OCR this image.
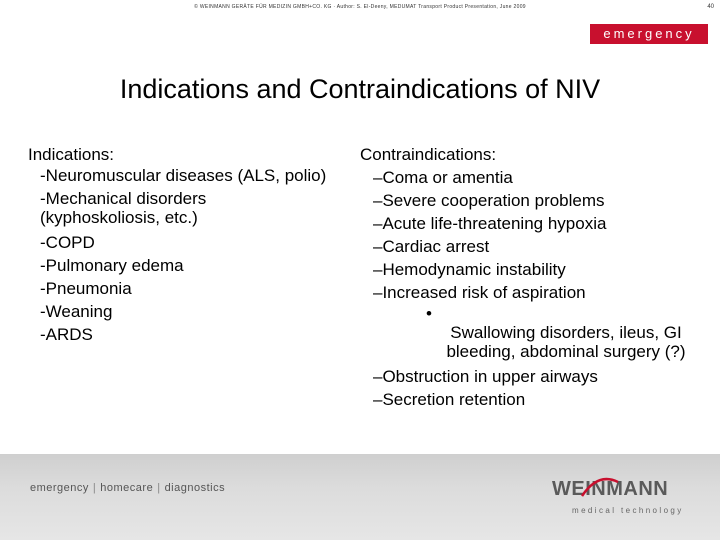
© WEINMANN GERÄTE FÜR MEDIZIN GMBH+CO. KG · Author: S. El-Deeny, MEDUMAT Transport Product Presentation, June 2009	40
emergency
Indications and Contraindications of NIV
Indications:
-Neuromuscular diseases (ALS, polio)
-Mechanical disorders (kyphoskoliosis, etc.)
-COPD
-Pulmonary edema
-Pneumonia
-Weaning
-ARDS
Contraindications:
–Coma or amentia
–Severe cooperation problems
–Acute life-threatening hypoxia
–Cardiac arrest
–Hemodynamic instability
–Increased risk of aspiration
•Swallowing disorders, ileus, GI bleeding, abdominal surgery (?)
–Obstruction in upper airways
–Secretion retention
emergency | homecare | diagnostics	WEINMANN
medical technology
